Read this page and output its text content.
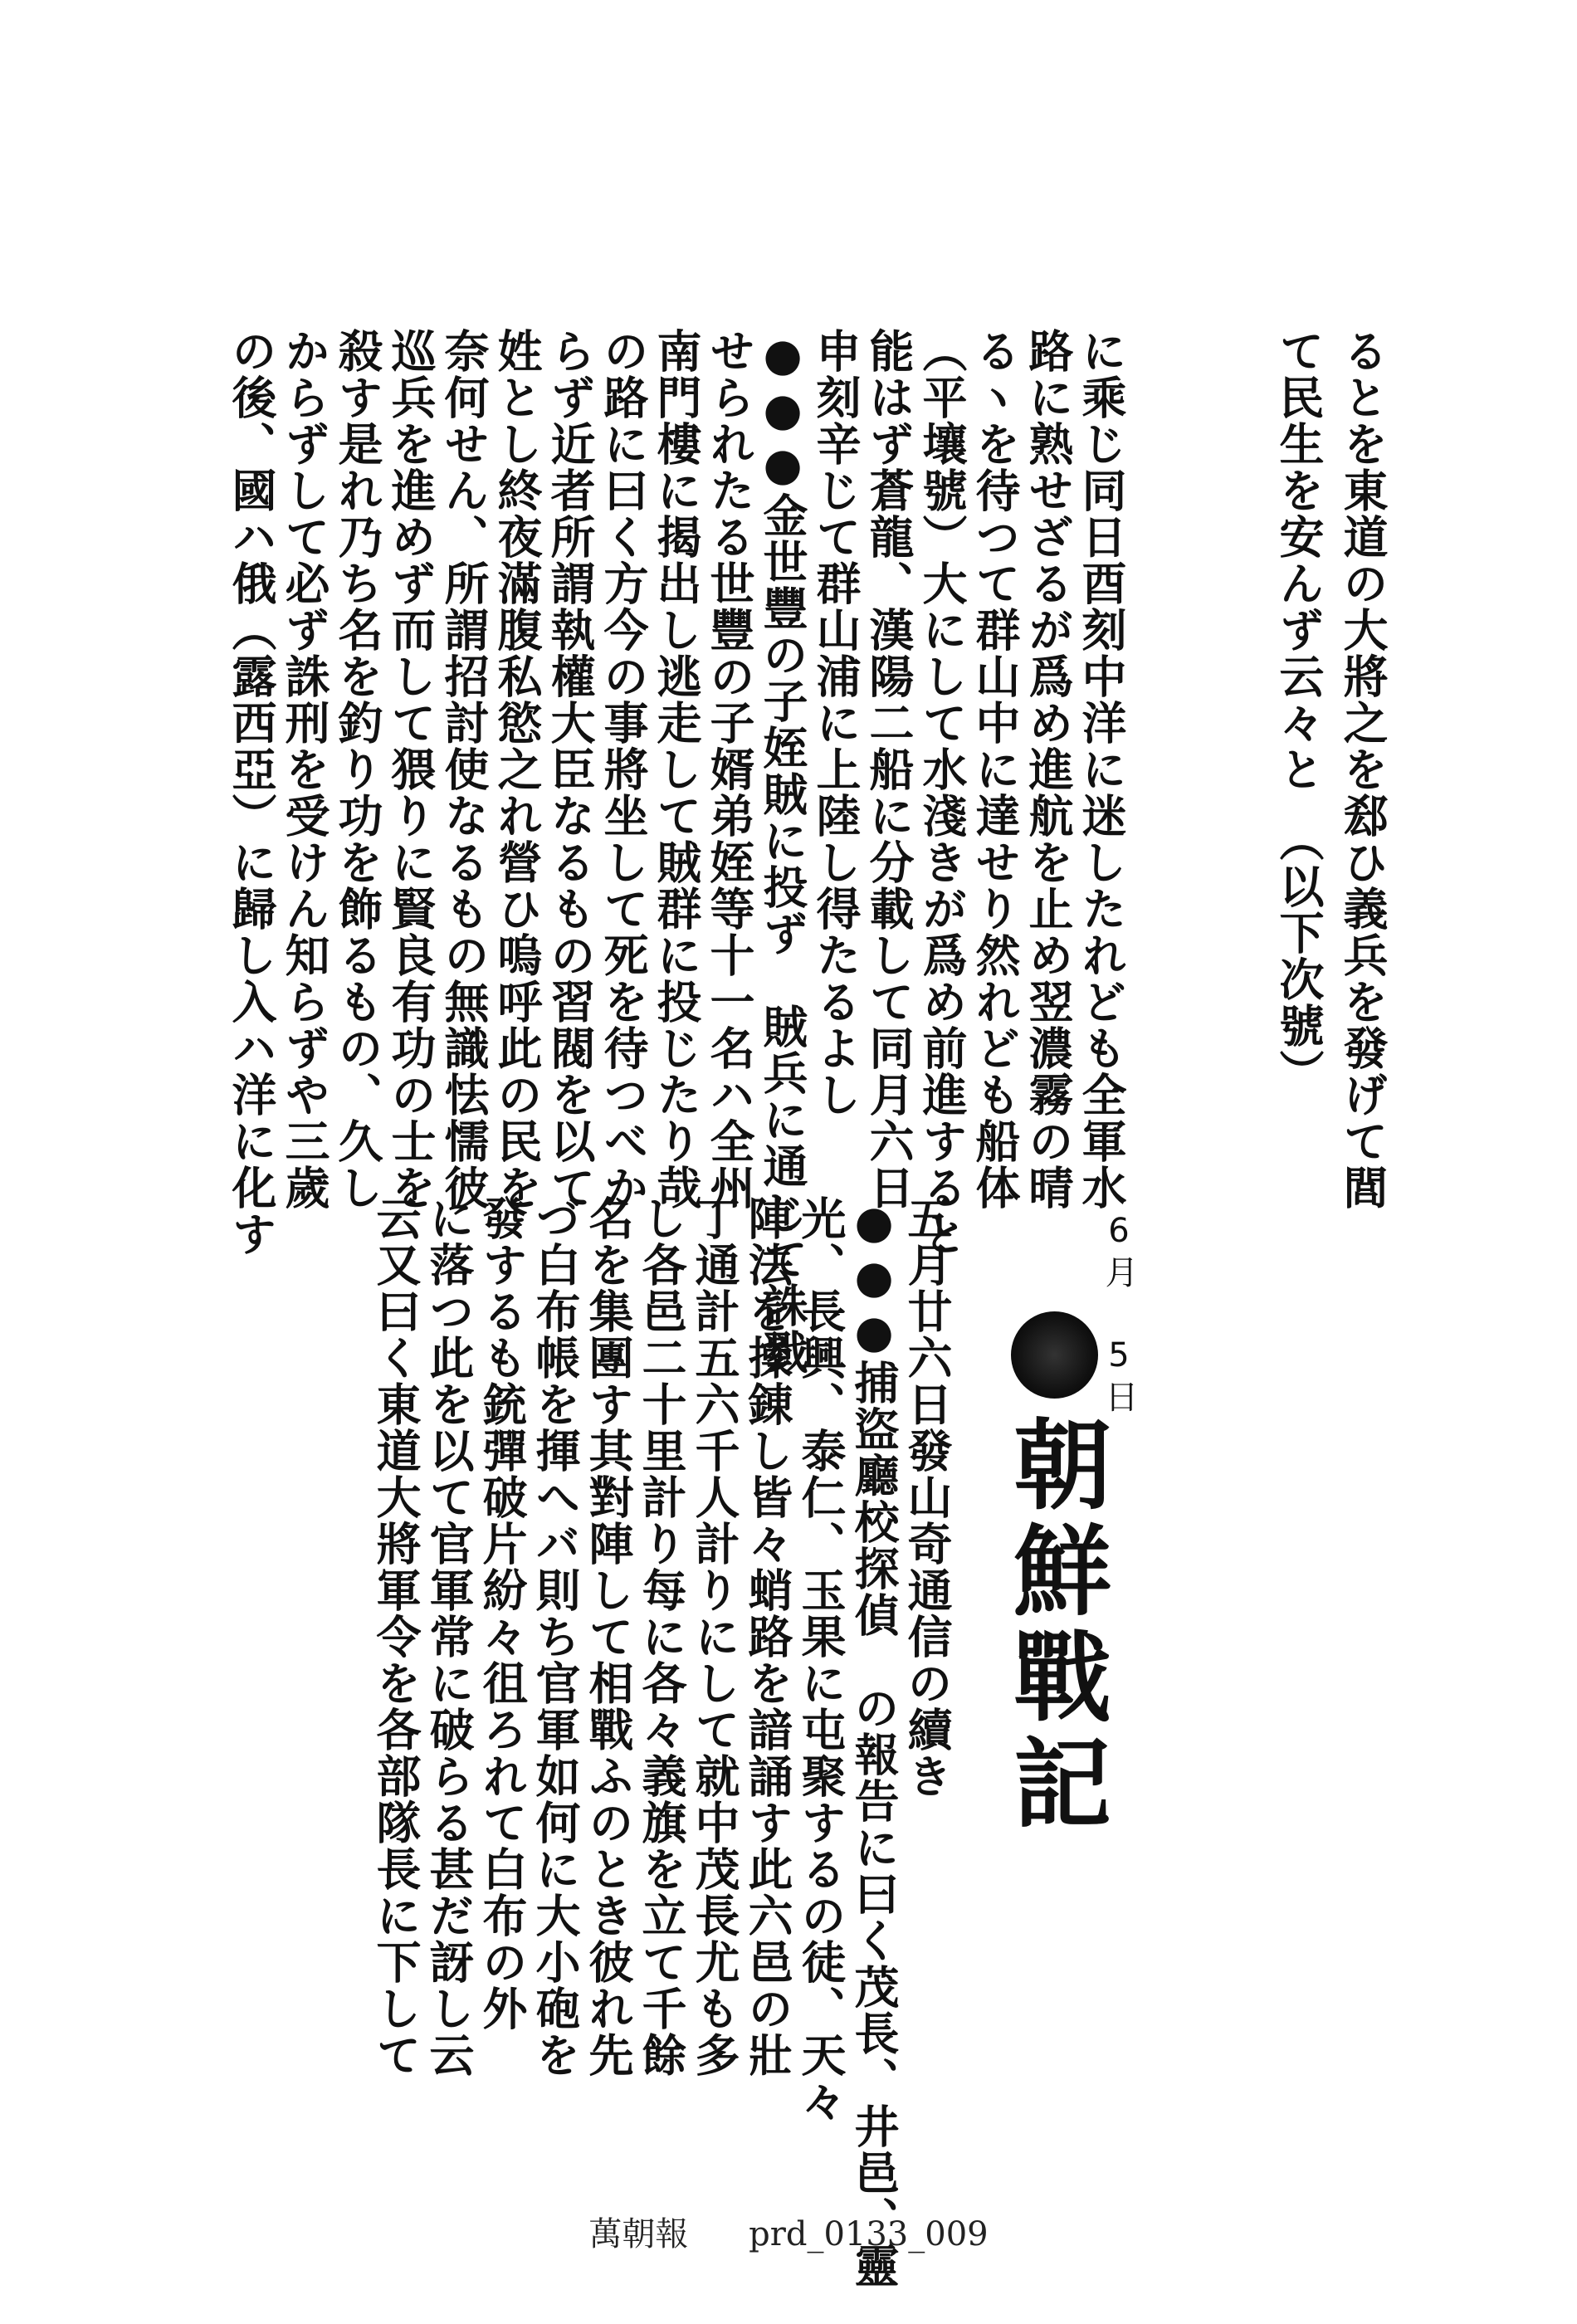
るとを東道の大將之を郄ひ義兵を發げて閭
て民生を安んず云々と　（以下次號）
に乘じ同日酉刻中洋に迷したれども全軍水
路に熟せざるが爲め進航を止め翌濃霧の晴
るヽを待つて群山中に達せり然れども船体
（平壤號）大にして水淺きが爲め前進すると
能はず蒼龍、漢陽二船に分載して同月六日
申刻辛じて群山浦に上陸し得たるよし
●●●金世豐の子姪賊に投ず　賊兵に通じて誅戮
せられたる世豐の子婿弟姪等十一名ハ全州
南門樓に揭出し逃走して賊群に投じたり哉
の路に曰く方今の事將坐して死を待つべか
らず近者所謂執權大臣なるもの習閥を以て
姓とし終夜滿腹私慾之れ營ひ嗚呼此の民を
奈何せん、所謂招討使なるもの無識怯懦彼
巡兵を進めず而して猥りに賢良有功の士を
殺す是れ乃ち名を釣り功を飾るもの、久し
からずして必ず誅刑を受けん知らずや三歲
の後、國ハ俄（露西亞）に歸し入ハ洋に化す
6月 5日
朝鮮戰記
五月廿六日發山奇通信の續き
●●●捕盜廳校探偵　の報告に曰く茂長、井邑、靈
光、長興、泰仁、玉果に屯聚するの徒、天々
陣法を操錬し皆々蛸路を諳誦す此六邑の壯
丁通計五六千人計りにして就中茂長尤も多
し各邑二十里計り每に各々義旗を立て千餘
名を集團す其對陣して相戰ふのとき彼れ先
づ白布帳を揮へバ則ち官軍如何に大小砲を
發するも銃彈破片紛々徂ろれて白布の外
に落つ此を以て官軍常に破らる甚だ訝し云
云又曰く東道大將軍令を各部隊長に下して
萬朝報 prd_0133_009
